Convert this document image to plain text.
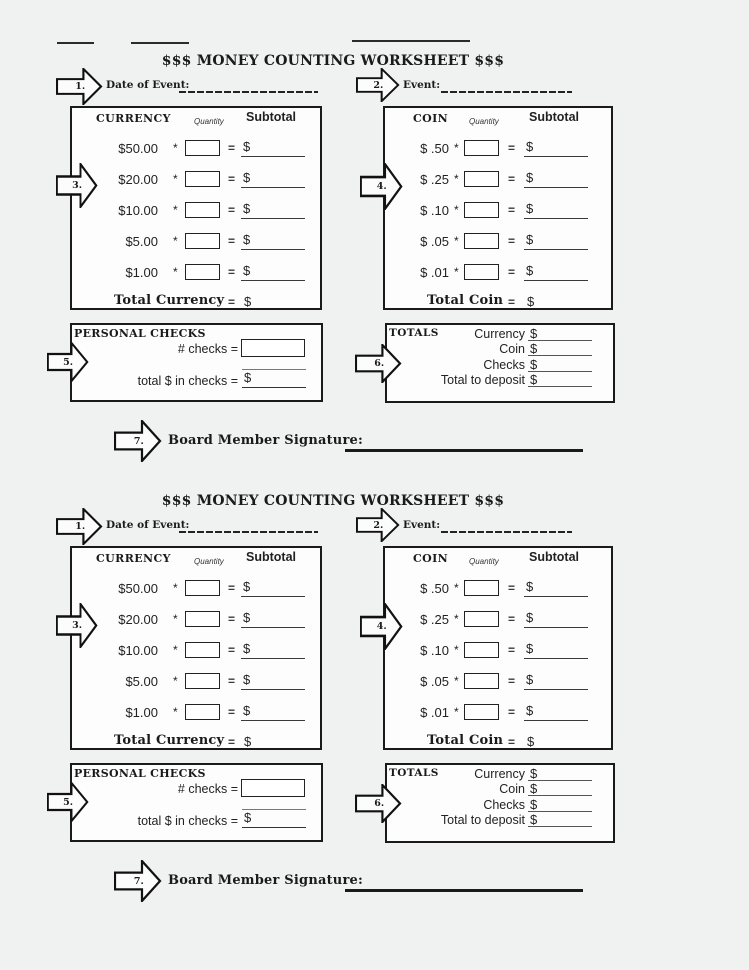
$$$ MONEY COUNTING WORKSHEET $$$
1. Date of Event:	2. Event:
CURRENCY	Quantity Subtotal
$50.00 *	= $
$20.00 *	= $
$10.00 *	= $
$5.00 *	= $
$1.00 *	= $
Total Currency = $
COIN	Quantity Subtotal
$ .50 *	= $
$ .25 *	= $
$ .10 *	= $
$ .05 *	= $
$ .01 *	= $
Total Coin = $
3.	4.
PERSONAL CHECKS
# checks =
total $ in checks = $
TOTALS	Currency $
Coin $
Checks $
Total to deposit $
5.	6.
7. Board Member Signature:
$$$ MONEY COUNTING WORKSHEET $$$
1. Date of Event:	2. Event:
CURRENCY	Quantity Subtotal
$50.00 *	= $
$20.00 *	= $
$10.00 *	= $
$5.00 *	= $
$1.00 *	= $
Total Currency = $
COIN	Quantity Subtotal
$ .50 *	= $
$ .25 *	= $
$ .10 *	= $
$ .05 *	= $
$ .01 *	= $
Total Coin = $
3.	4.
PERSONAL CHECKS
# checks =
total $ in checks = $
TOTALS	Currency $
Coin $
Checks $
Total to deposit $
5.	6.
7. Board Member Signature:
